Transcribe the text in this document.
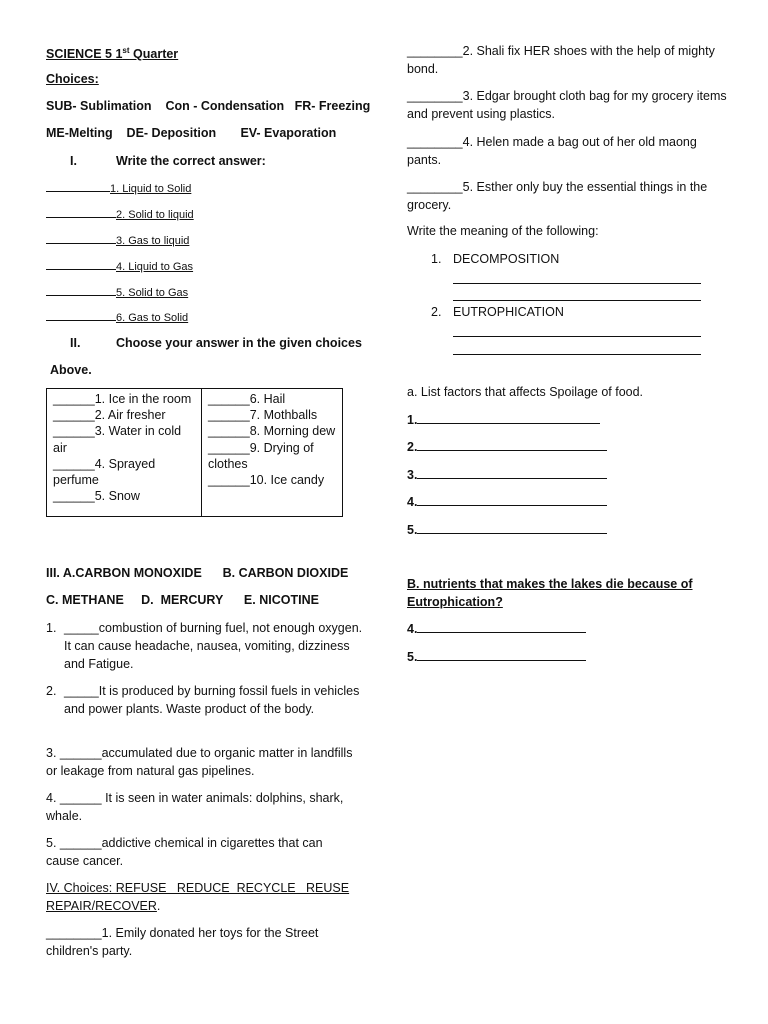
SCIENCE 5 1st Quarter
Choices:
SUB- Sublimation    Con - Condensation   FR- Freezing
ME-Melting    DE- Deposition       EV- Evaporation
I.	Write the correct answer:
1. Liquid to Solid
2. Solid to liquid
3. Gas to liquid
4. Liquid to Gas
5. Solid to Gas
6. Gas to Solid
II.	Choose your answer in the given choices
Above.
______1. Ice in the room
______2. Air fresher
______3. Water in cold air
______4. Sprayed perfume
______5. Snow

______6. Hail
______7. Mothballs
______8. Morning dew
______9. Drying of clothes
______10. Ice candy
III. A.CARBON MONOXIDE      B. CARBON DIOXIDE
C. METHANE     D.  MERCURY      E. NICOTINE
1. _____combustion of burning fuel, not enough oxygen. It can cause headache, nausea, vomiting, dizziness and Fatigue.
2. _____It is produced by burning fossil fuels in vehicles and power plants. Waste product of the body.
3. ______accumulated due to organic matter in landfills or leakage from natural gas pipelines.
4. ______ It is seen in water animals: dolphins, shark, whale.
5. ______addictive chemical in cigarettes that can cause cancer.
IV. Choices: REFUSE   REDUCE  RECYCLE   REUSE
REPAIR/RECOVER.
________1. Emily donated her toys for the Street children's party.
________2. Shali fix HER shoes with the help of mighty bond.
________3. Edgar brought cloth bag for my grocery items and prevent using plastics.
________4. Helen made a bag out of her old maong pants.
________5. Esther only buy the essential things in the grocery.
Write the meaning of the following:
1. DECOMPOSITION
2. EUTROPHICATION
a. List factors that affects Spoilage of food.
1.
2.
3.
4.
5.
B. nutrients that makes the lakes die because of
Eutrophication?
4.
5.
